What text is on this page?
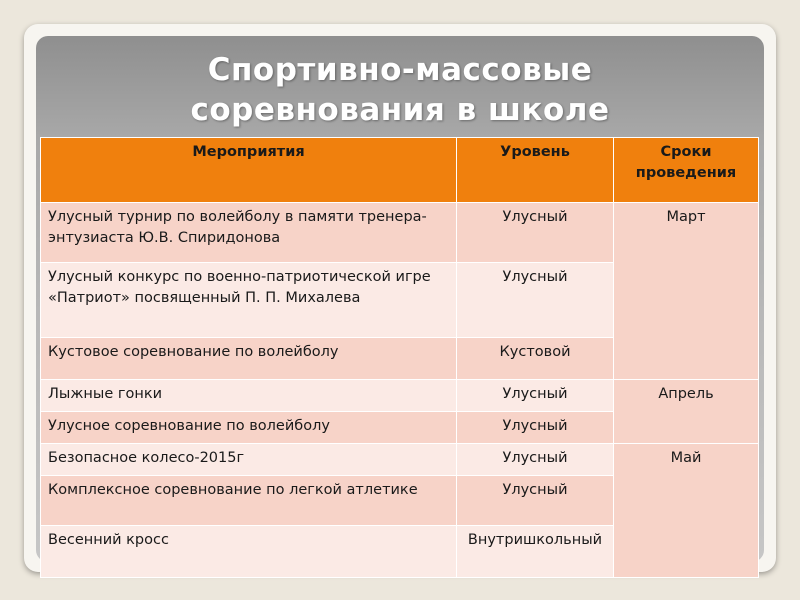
Спортивно-массовые
соревнования в школе
Мероприятия	Уровень	Сроки проведения
Улусный турнир по волейболу в памяти тренера-энтузиаста Ю.В. Спиридонова	Улусный	Март
Улусный конкурс по военно-патриотической игре «Патриот» посвященный П. П. Михалева	Улусный	
Кустовое соревнование по волейболу	Кустовой	
Лыжные гонки	Улусный	Апрель
Улусное соревнование по волейболу	Улусный	
Безопасное колесо-2015г	Улусный	Май
Комплексное соревнование по легкой атлетике	Улусный	
Весенний кросс	Внутришкольный	
